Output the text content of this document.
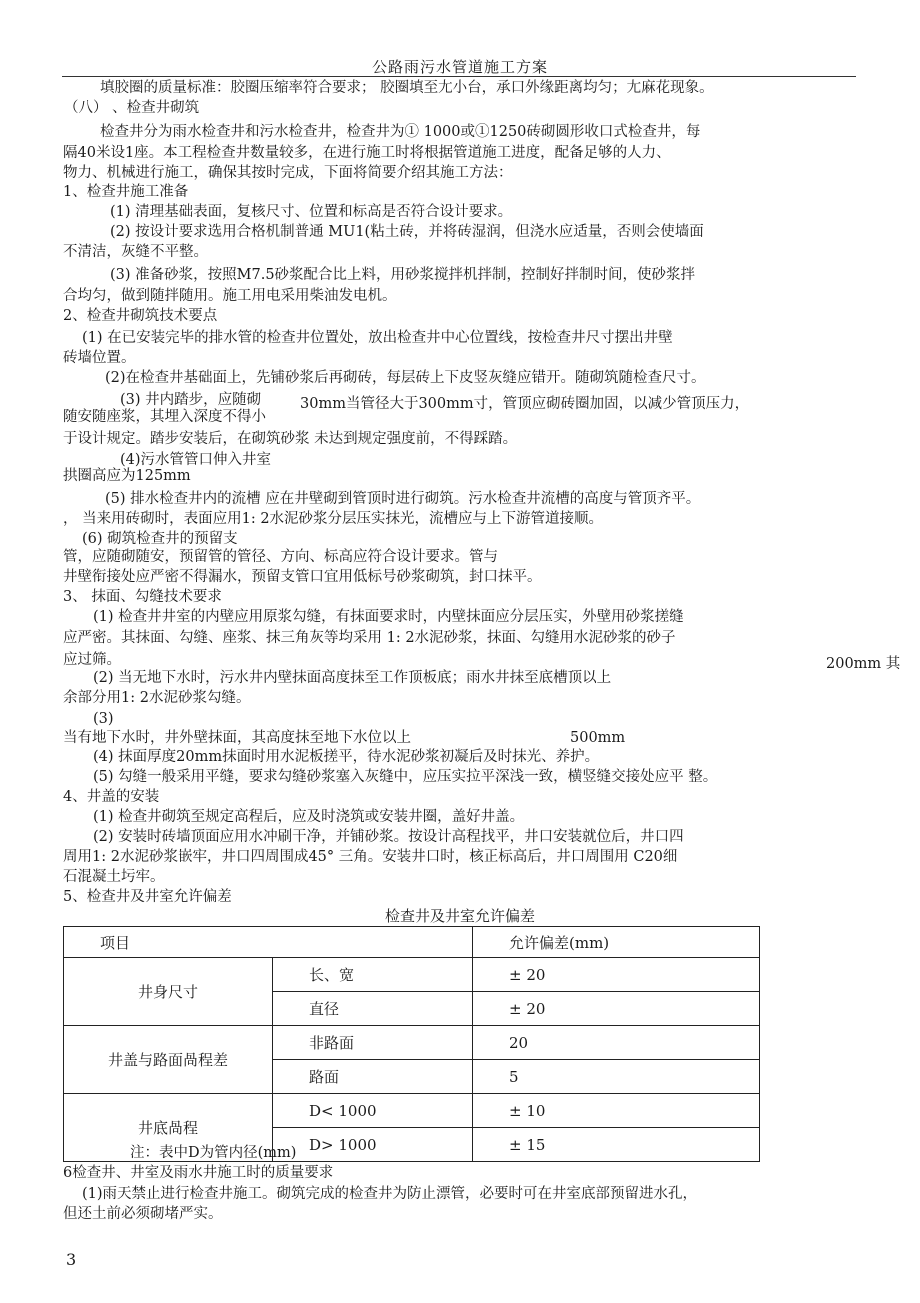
公路雨污水管道施工方案
填胶圈的质量标准：胶圈压缩率符合要求； 胶圈填至尢小台，承口外缘距离均匀；尢麻花现象。
（八） 、检查井砌筑
检查井分为雨水检查井和污水检查井，检查井为① 1000或①1250砖砌圆形收口式检查井，每
隔40米设1座。本工程检查井数量较多，在进行施工时将根据管道施工进度，配备足够的人力、
物力、机械进行施工，确保其按时完成，下面将简要介绍其施工方法：
1、检查井施工准备
(1) 清理基础表面，复核尺寸、位置和标高是否符合设计要求。
(2) 按设计要求选用合格机制普通 MU1(粘土砖，并将砖湿润，但浇水应适量，否则会使墙面
不清洁，灰缝不平整。
(3) 准备砂浆，按照M7.5砂浆配合比上料，用砂浆搅拌机拌制，控制好拌制时间，使砂浆拌
合均匀，做到随拌随用。施工用电采用柴油发电机。
2、检查井砌筑技术要点
(1) 在已安装完毕的排水管的检查井位置处，放出检查井中心位置线，按检查井尺寸摆出井壁
砖墙位置。
(2)在检查井基础面上，先铺砂浆后再砌砖，每层砖上下皮竖灰缝应错开。随砌筑随检查尺寸。
(3) 井内踏步，应随砌	30mm当管径大于300mm寸，管顶应砌砖圈加固，以减少管顶压力，
随安随座浆，其埋入深度不得小
于设计规定。踏步安装后，在砌筑砂浆 未达到规定强度前，不得踩踏。
(4)污水管管口伸入井室
拱圈高应为125mm
(5) 排水检查井内的流槽 应在井壁砌到管顶时进行砌筑。污水检查井流槽的高度与管顶齐平。
， 当来用砖砌时，表面应用1: 2水泥砂浆分层压实抹光，流槽应与上下游管道接顺。
(6) 砌筑检查井的预留支
管，应随砌随安，预留管的管径、方向、标高应符合设计要求。管与
井壁衔接处应严密不得漏水，预留支管口宜用低标号砂浆砌筑，封口抹平。
3、 抹面、勾缝技术要求
(1) 检查井井室的内壁应用原浆勾缝，有抹面要求时，内壁抹面应分层压实，外壁用砂浆搓缝
应严密。其抹面、勾缝、座浆、抹三角灰等均采用 1: 2水泥砂浆，抹面、勾缝用水泥砂浆的砂子
应过筛。	200mm 其
(2) 当无地下水时，污水井内壁抹面高度抹至工作顶板底；雨水井抹至底槽顶以上
余部分用1: 2水泥砂浆勾缝。
(3)
当有地下水时，井外壁抹面，其高度抹至地下水位以上	500mm
(4) 抹面厚度20mm抹面时用水泥板搓平，待水泥砂浆初凝后及时抹光、养护。
(5) 勾缝一般采用平缝，要求勾缝砂浆塞入灰缝中，应压实拉平深浅一致，横竖缝交接处应平 整。
4、井盖的安装
(1) 检查井砌筑至规定高程后，应及时浇筑或安装井圈，盖好井盖。
(2) 安装时砖墙顶面应用水冲刷干净，并铺砂浆。按设计高程找平，井口安装就位后，井口四
周用1: 2水泥砂浆嵌牢，井口四周围成45° 三角。安装井口时，核正标高后，井口周围用 C20细
石混凝土圬牢。
5、检查井及井室允许偏差
注：表中D为管内径(mm)
6检查井、井室及雨水井施工时的质量要求
(1)雨天禁止进行检查井施工。砌筑完成的检查井为防止漂管，必要时可在井室底部预留进水孔，
但还土前必须砌堵严实。
检查井及井室允许偏差
项目		允许偏差(mm)
井身尺寸	长、宽	± 20
	直径	± 20
井盖与路面咼程差	非路面	20
	路面	5
井底咼程	D< 1000	± 10
	D> 1000	± 15
3
